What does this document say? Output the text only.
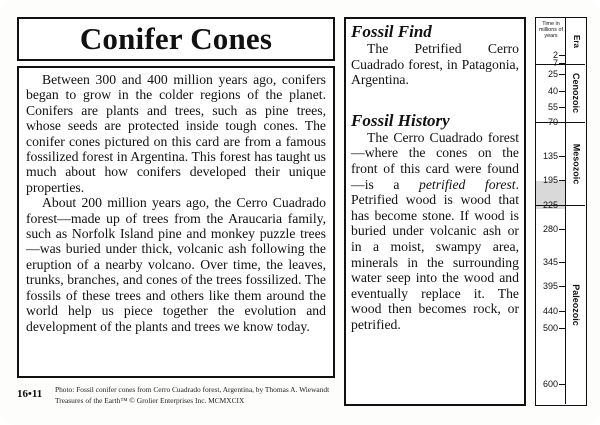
Conifer Cones

Between 300 and 400 million years ago, conifers began to grow in the colder regions of the planet. Conifers are plants and trees, such as pine trees, whose seeds are protected inside tough cones. The conifer cones pictured on this card are from a famous fossilized forest in Argentina. This forest has taught us much about how conifers developed their unique properties.

About 200 million years ago, the Cerro Cuadrado forest—made up of trees from the Araucaria family, such as Norfolk Island pine and monkey puzzle trees—was buried under thick, volcanic ash following the eruption of a nearby volcano. Over time, the leaves, trunks, branches, and cones of the trees fossilized. The fossils of these trees and others like them around the world help us piece together the evolution and development of the plants and trees we know today.

16•11 Photo: Fossil conifer cones from Cerro Cuadrado forest, Argentina, by Thomas A. Wiewandt
Treasures of the Earth™ © Grolier Enterprises Inc. MCMXCIX
Fossil Find

The Petrified Cerro Cuadrado forest, in Patagonia, Argentina.

Fossil History

The Cerro Cuadrado forest—where the cones on the front of this card were found—is a petrified forest. Petrified wood is wood that has become stone. If wood is buried under volcanic ash or in a moist, swampy area, minerals in the surrounding water seep into the wood and eventually replace it. The wood then becomes rock, or petrified.

Time in millions of years	Era
2
7
25
40
55
70
135
195
225
280
345
395
440
500
600
Cenozoic
Mesozoic
Paleozoic
